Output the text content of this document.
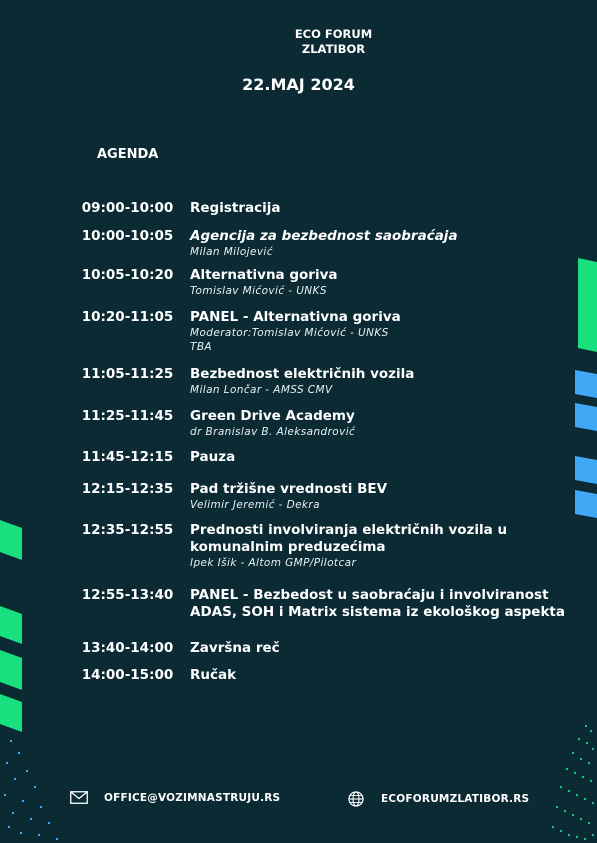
ECO FORUM
ZLATIBOR
22.MAJ 2024
AGENDA
09:00-10:00	Registracija
10:00-10:05	Agencija za bezbednost saobraćaja
Milan Milojević
10:05-10:20	Alternativna goriva
Tomislav Mićović - UNKS
10:20-11:05	PANEL - Alternativna goriva
Moderator:Tomislav Mićović - UNKS
TBA
11:05-11:25	Bezbednost električnih vozila
Milan Lončar - AMSS CMV
11:25-11:45	Green Drive Academy
dr Branislav B. Aleksandrović
11:45-12:15	Pauza
12:15-12:35	Pad tržišne vrednosti BEV
Velimir Jeremić - Dekra
12:35-12:55	Prednosti involviranja električnih vozila u komunalnim preduzećima
Ipek Išik - Altom GMP/Pilotcar
12:55-13:40	PANEL - Bezbedost u saobraćaju i involviranost ADAS, SOH i Matrix sistema iz ekološkog aspekta
13:40-14:00	Završna reč
14:00-15:00	Ručak
OFFICE@VOZIMNASTRUJU.RS	ECOFORUMZLATIBOR.RS
